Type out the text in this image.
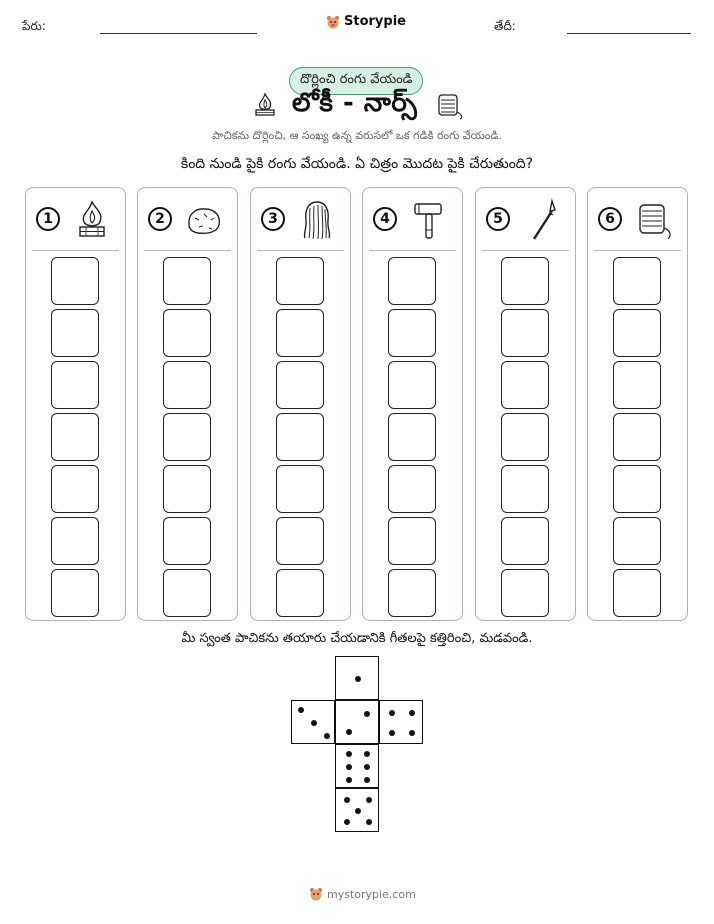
పేరు:	Storypie	తేదీ:
దొర్లించి రంగు వేయండి
లోకీ - నార్స్
పాచికను దొర్లించి, ఆ సంఖ్య ఉన్న వరుసలో ఒక గడికి రంగు వేయండి.
కింది నుండి పైకి రంగు వేయండి. ఏ చిత్రం మొదట పైకి చేరుతుంది?
1	2	3	4	5	6
మీ స్వంత పాచికను తయారు చేయడానికి గీతలపై కత్తిరించి, మడవండి.
mystorypie.com
